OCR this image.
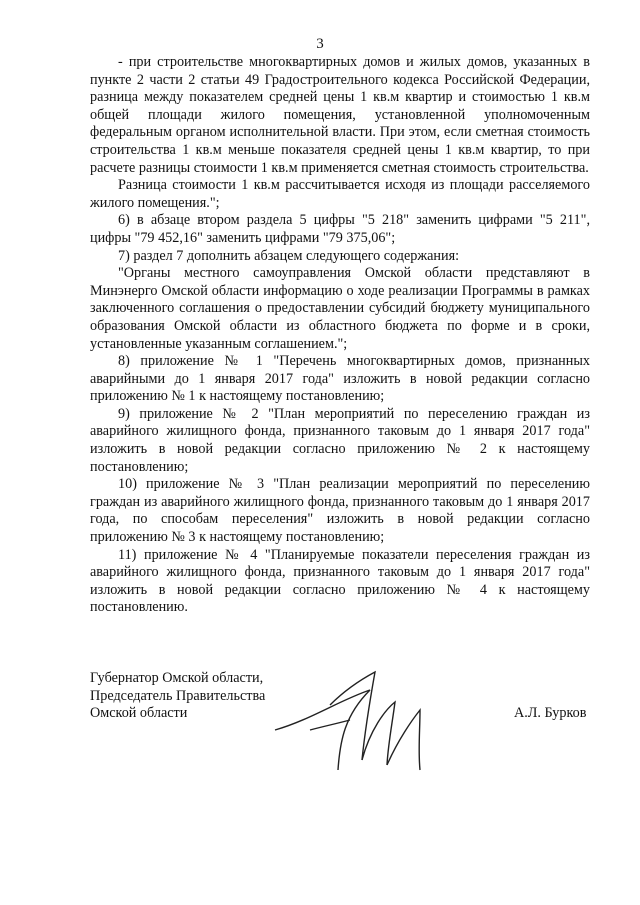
3

- при строительстве многоквартирных домов и жилых домов, указанных в пункте 2 части 2 статьи 49 Градостроительного кодекса Российской Федерации, разница между показателем средней цены 1 кв.м квартир и стоимостью 1 кв.м общей площади жилого помещения, установленной уполномоченным федеральным органом исполнительной власти. При этом, если сметная стоимость строительства 1 кв.м меньше показателя средней цены 1 кв.м квартир, то при расчете разницы стоимости 1 кв.м применяется сметная стоимость строительства.

Разница стоимости 1 кв.м рассчитывается исходя из площади расселяемого жилого помещения.";

6) в абзаце втором раздела 5 цифры "5 218" заменить цифрами "5 211", цифры "79 452,16" заменить цифрами "79 375,06";

7) раздел 7 дополнить абзацем следующего содержания:

"Органы местного самоуправления Омской области представляют в Минэнерго Омской области информацию о ходе реализации Программы в рамках заключенного соглашения о предоставлении субсидий бюджету муниципального образования Омской области из областного бюджета по форме и в сроки, установленные указанным соглашением.";

8) приложение № 1 "Перечень многоквартирных домов, признанных аварийными до 1 января 2017 года" изложить в новой редакции согласно приложению № 1 к настоящему постановлению;

9) приложение № 2 "План мероприятий по переселению граждан из аварийного жилищного фонда, признанного таковым до 1 января 2017 года" изложить в новой редакции согласно приложению № 2 к настоящему постановлению;

10) приложение № 3 "План реализации мероприятий по переселению граждан из аварийного жилищного фонда, признанного таковым до 1 января 2017 года, по способам переселения" изложить в новой редакции согласно приложению № 3 к настоящему постановлению;

11) приложение № 4 "Планируемые показатели переселения граждан из аварийного жилищного фонда, признанного таковым до 1 января 2017 года" изложить в новой редакции согласно приложению № 4 к настоящему постановлению.

Губернатор Омской области,
Председатель Правительства
Омской области	А.Л. Бурков
